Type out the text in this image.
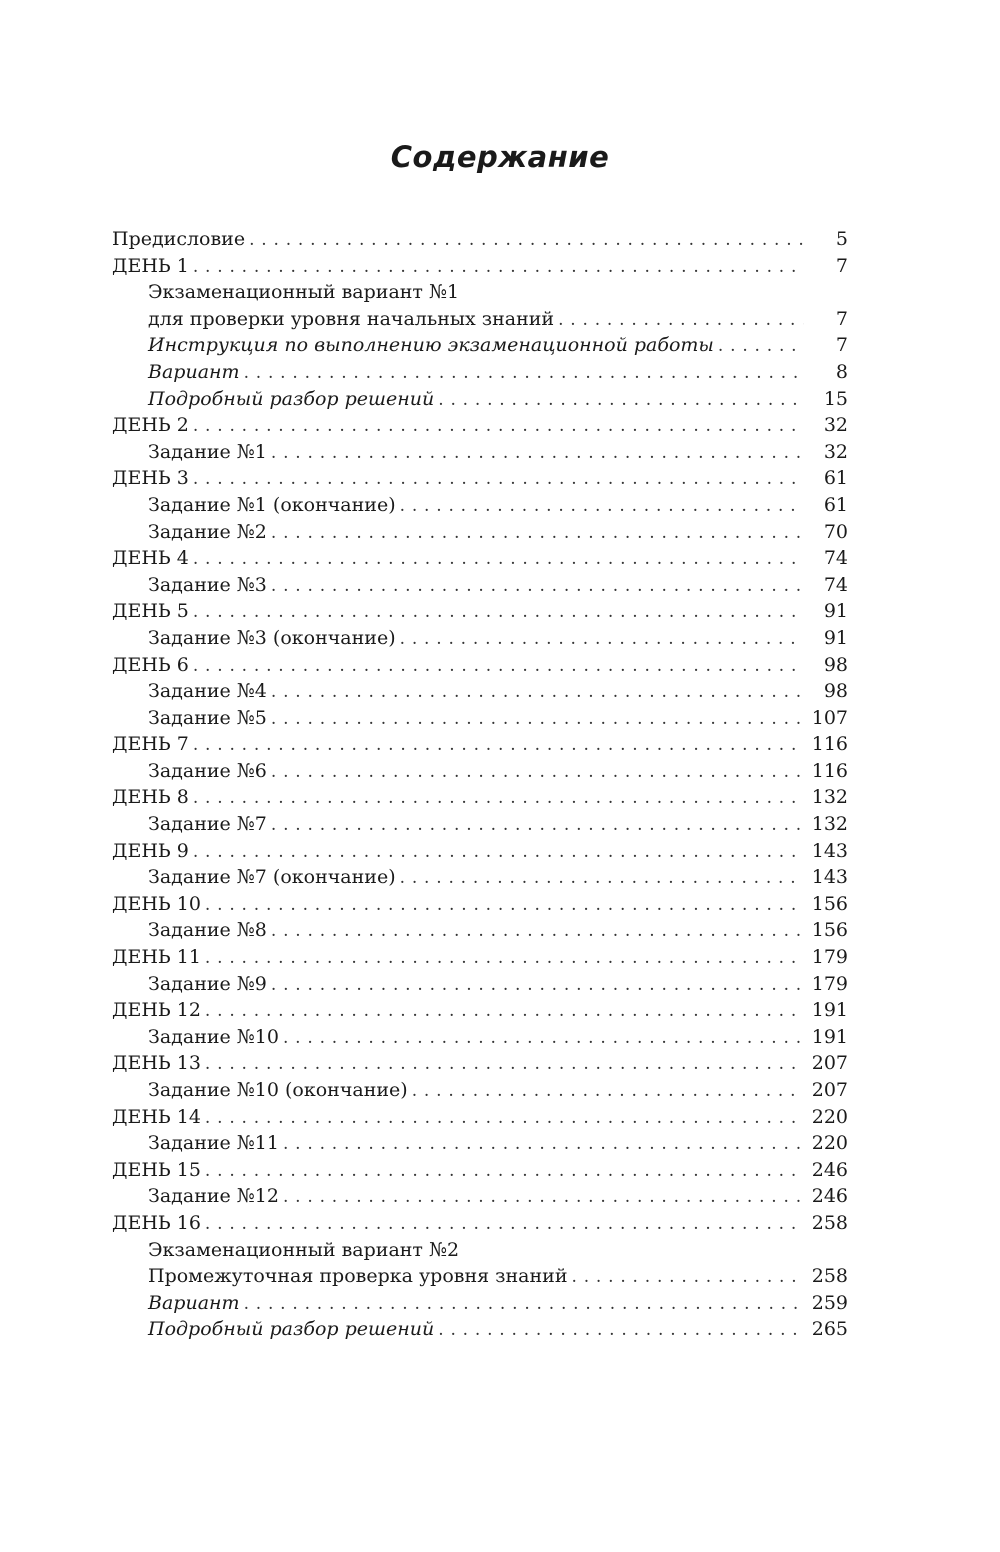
Содержание
Предисловие . . .	5
ДЕНЬ 1 . . .	7
Экзаменационный вариант №1
для проверки уровня начальных знаний . . .	7
Инструкция по выполнению экзаменационной работы . . .	7
Вариант . . .	8
Подробный разбор решений . . .	15
ДЕНЬ 2 . . .	32
Задание №1 . . .	32
ДЕНЬ 3 . . .	61
Задание №1 (окончание) . . .	61
Задание №2 . . .	70
ДЕНЬ 4 . . .	74
Задание №3 . . .	74
ДЕНЬ 5 . . .	91
Задание №3 (окончание) . . .	91
ДЕНЬ 6 . . .	98
Задание №4 . . .	98
Задание №5 . . .	107
ДЕНЬ 7 . . .	116
Задание №6 . . .	116
ДЕНЬ 8 . . .	132
Задание №7 . . .	132
ДЕНЬ 9 . . .	143
Задание №7 (окончание) . . .	143
ДЕНЬ 10 . . .	156
Задание №8 . . .	156
ДЕНЬ 11 . . .	179
Задание №9 . . .	179
ДЕНЬ 12 . . .	191
Задание №10 . . .	191
ДЕНЬ 13 . . .	207
Задание №10 (окончание) . . .	207
ДЕНЬ 14 . . .	220
Задание №11 . . .	220
ДЕНЬ 15 . . .	246
Задание №12 . . .	246
ДЕНЬ 16 . . .	258
Экзаменационный вариант №2
Промежуточная проверка уровня знаний . . .	258
Вариант . . .	259
Подробный разбор решений . . .	265
